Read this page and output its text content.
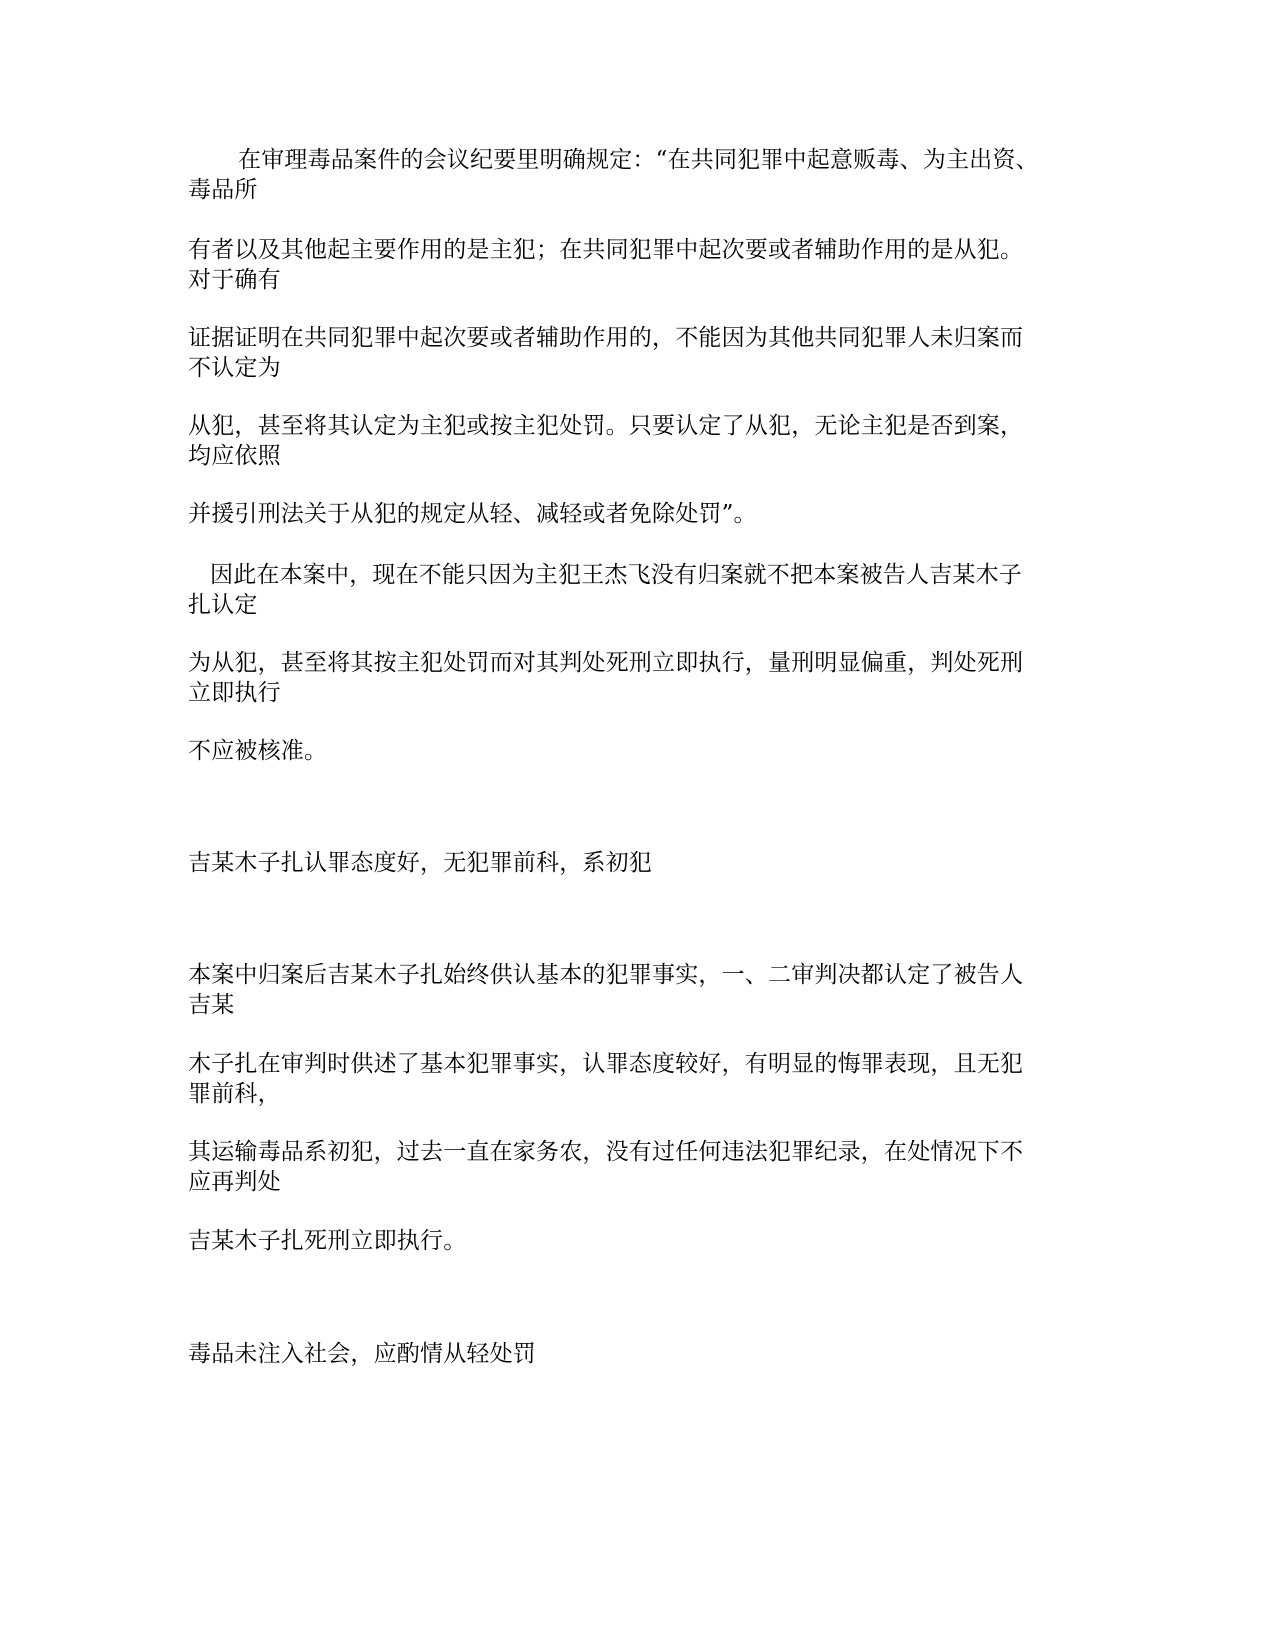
在审理毒品案件的会议纪要里明确规定：“在共同犯罪中起意贩毒、为主出资、
毒品所
有者以及其他起主要作用的是主犯；在共同犯罪中起次要或者辅助作用的是从犯。
对于确有
证据证明在共同犯罪中起次要或者辅助作用的，不能因为其他共同犯罪人未归案而
不认定为
从犯，甚至将其认定为主犯或按主犯处罚。只要认定了从犯，无论主犯是否到案，
均应依照
并援引刑法关于从犯的规定从轻、减轻或者免除处罚”。
因此在本案中，现在不能只因为主犯王杰飞没有归案就不把本案被告人吉某木子
扎认定
为从犯，甚至将其按主犯处罚而对其判处死刑立即执行，量刑明显偏重，判处死刑
立即执行
不应被核准。
吉某木子扎认罪态度好，无犯罪前科，系初犯
本案中归案后吉某木子扎始终供认基本的犯罪事实，一、二审判决都认定了被告人
吉某
木子扎在审判时供述了基本犯罪事实，认罪态度较好，有明显的悔罪表现，且无犯
罪前科，
其运输毒品系初犯，过去一直在家务农，没有过任何违法犯罪纪录，在处情况下不
应再判处
吉某木子扎死刑立即执行。
毒品未注入社会，应酌情从轻处罚
